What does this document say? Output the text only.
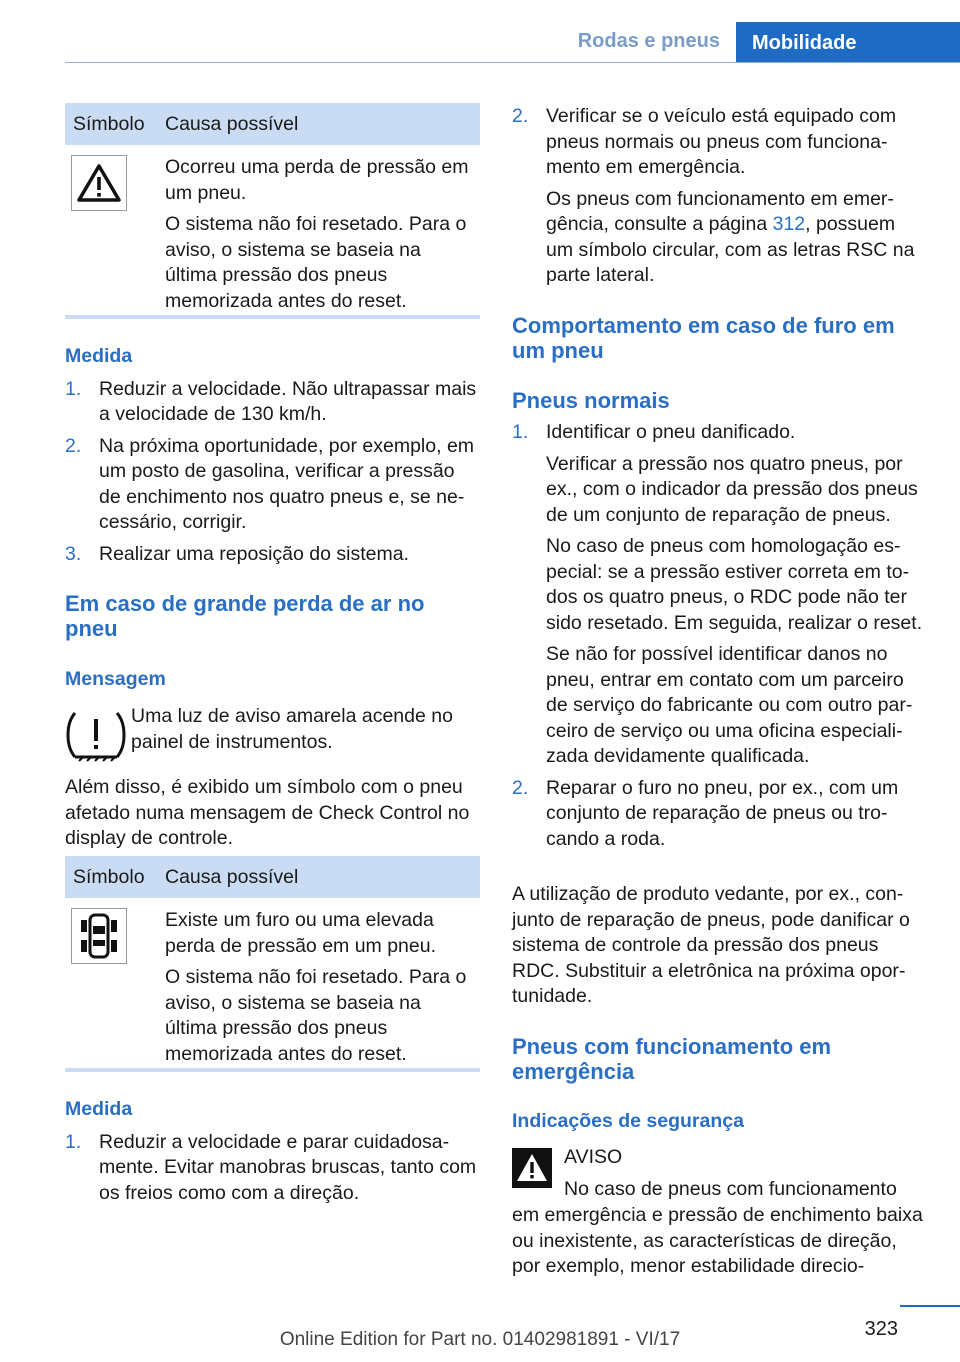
Rodas e pneus	Mobilidade
Símbolo	Causa possível

Ocorreu uma perda de pressão em um pneu.

O sistema não foi resetado. Para o aviso, o sistema se baseia na última pressão dos pneus memorizada antes do reset.

Medida

1. Reduzir a velocidade. Não ultrapassar mais a velocidade de 130 km/h.
2. Na próxima oportunidade, por exemplo, em um posto de gasolina, verificar a pressão de enchimento nos quatro pneus e, se necessário, corrigir.
3. Realizar uma reposição do sistema.

Em caso de grande perda de ar no pneu

Mensagem

Uma luz de aviso amarela acende no painel de instrumentos.

Além disso, é exibido um símbolo com o pneu afetado numa mensagem de Check Control no display de controle.

Símbolo	Causa possível

Existe um furo ou uma elevada perda de pressão em um pneu.

O sistema não foi resetado. Para o aviso, o sistema se baseia na última pressão dos pneus memorizada antes do reset.

Medida

1. Reduzir a velocidade e parar cuidadosamente. Evitar manobras bruscas, tanto com os freios como com a direção.
2. Verificar se o veículo está equipado com pneus normais ou pneus com funcionamento em emergência.

Os pneus com funcionamento em emergência, consulte a página 312, possuem um símbolo circular, com as letras RSC na parte lateral.

Comportamento em caso de furo em um pneu

Pneus normais

1. Identificar o pneu danificado.

Verificar a pressão nos quatro pneus, por ex., com o indicador da pressão dos pneus de um conjunto de reparação de pneus.

No caso de pneus com homologação especial: se a pressão estiver correta em todos os quatro pneus, o RDC pode não ter sido resetado. Em seguida, realizar o reset.

Se não for possível identificar danos no pneu, entrar em contato com um parceiro de serviço do fabricante ou com outro parceiro de serviço ou uma oficina especializada devidamente qualificada.

2. Reparar o furo no pneu, por ex., com um conjunto de reparação de pneus ou trocando a roda.

A utilização de produto vedante, por ex., conjunto de reparação de pneus, pode danificar o sistema de controle da pressão dos pneus RDC. Substituir a eletrônica na próxima oportunidade.

Pneus com funcionamento em emergência

Indicações de segurança

AVISO

No caso de pneus com funcionamento

em emergência e pressão de enchimento baixa ou inexistente, as características de direção, por exemplo, menor estabilidade direcio-

323
Online Edition for Part no. 01402981891 - VI/17
